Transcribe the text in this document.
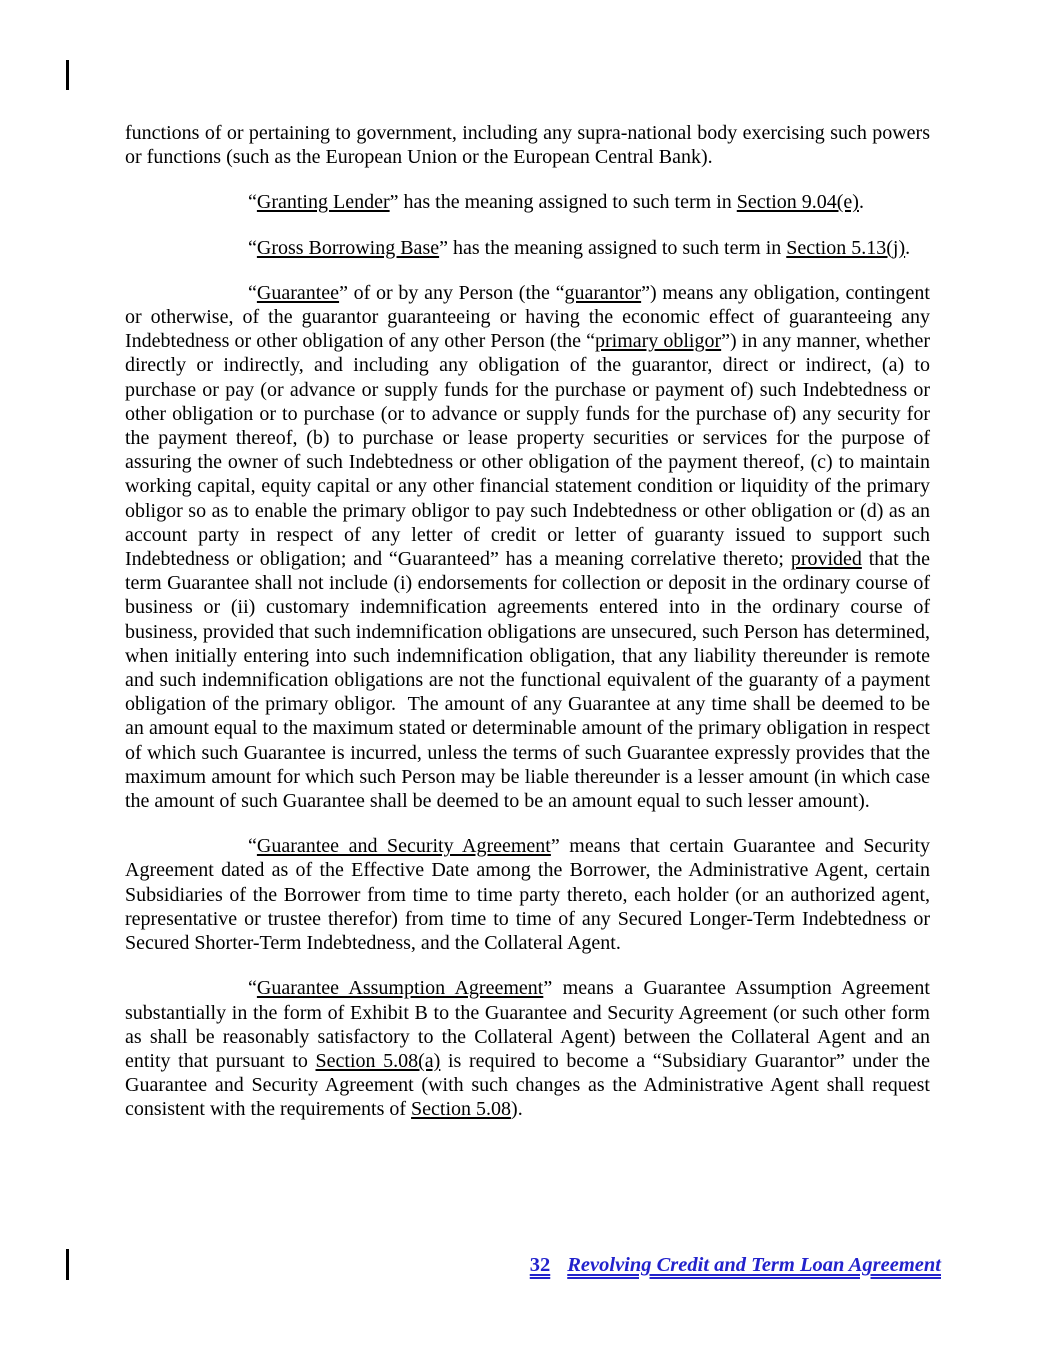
functions of or pertaining to government, including any supra-national body exercising such powers or functions (such as the European Union or the European Central Bank).

“Granting Lender” has the meaning assigned to such term in Section 9.04(e).

“Gross Borrowing Base” has the meaning assigned to such term in Section 5.13(j).

“Guarantee” of or by any Person (the “guarantor”) means any obligation, contingent or otherwise, of the guarantor guaranteeing or having the economic effect of guaranteeing any Indebtedness or other obligation of any other Person (the “primary obligor”) in any manner, whether directly or indirectly, and including any obligation of the guarantor, direct or indirect, (a) to purchase or pay (or advance or supply funds for the purchase or payment of) such Indebtedness or other obligation or to purchase (or to advance or supply funds for the purchase of) any security for the payment thereof, (b) to purchase or lease property securities or services for the purpose of assuring the owner of such Indebtedness or other obligation of the payment thereof, (c) to maintain working capital, equity capital or any other financial statement condition or liquidity of the primary obligor so as to enable the primary obligor to pay such Indebtedness or other obligation or (d) as an account party in respect of any letter of credit or letter of guaranty issued to support such Indebtedness or obligation; and “Guaranteed” has a meaning correlative thereto; provided that the term Guarantee shall not include (i) endorsements for collection or deposit in the ordinary course of business or (ii) customary indemnification agreements entered into in the ordinary course of business, provided that such indemnification obligations are unsecured, such Person has determined, when initially entering into such indemnification obligation, that any liability thereunder is remote and such indemnification obligations are not the functional equivalent of the guaranty of a payment obligation of the primary obligor.  The amount of any Guarantee at any time shall be deemed to be an amount equal to the maximum stated or determinable amount of the primary obligation in respect of which such Guarantee is incurred, unless the terms of such Guarantee expressly provides that the maximum amount for which such Person may be liable thereunder is a lesser amount (in which case the amount of such Guarantee shall be deemed to be an amount equal to such lesser amount).

“Guarantee and Security Agreement” means that certain Guarantee and Security Agreement dated as of the Effective Date among the Borrower, the Administrative Agent, certain Subsidiaries of the Borrower from time to time party thereto, each holder (or an authorized agent, representative or trustee therefor) from time to time of any Secured Longer-Term Indebtedness or Secured Shorter-Term Indebtedness, and the Collateral Agent.

“Guarantee Assumption Agreement” means a Guarantee Assumption Agreement substantially in the form of Exhibit B to the Guarantee and Security Agreement (or such other form as shall be reasonably satisfactory to the Collateral Agent) between the Collateral Agent and an entity that pursuant to Section 5.08(a) is required to become a “Subsidiary Guarantor” under the Guarantee and Security Agreement (with such changes as the Administrative Agent shall request consistent with the requirements of Section 5.08).

32 Revolving Credit and Term Loan Agreement
